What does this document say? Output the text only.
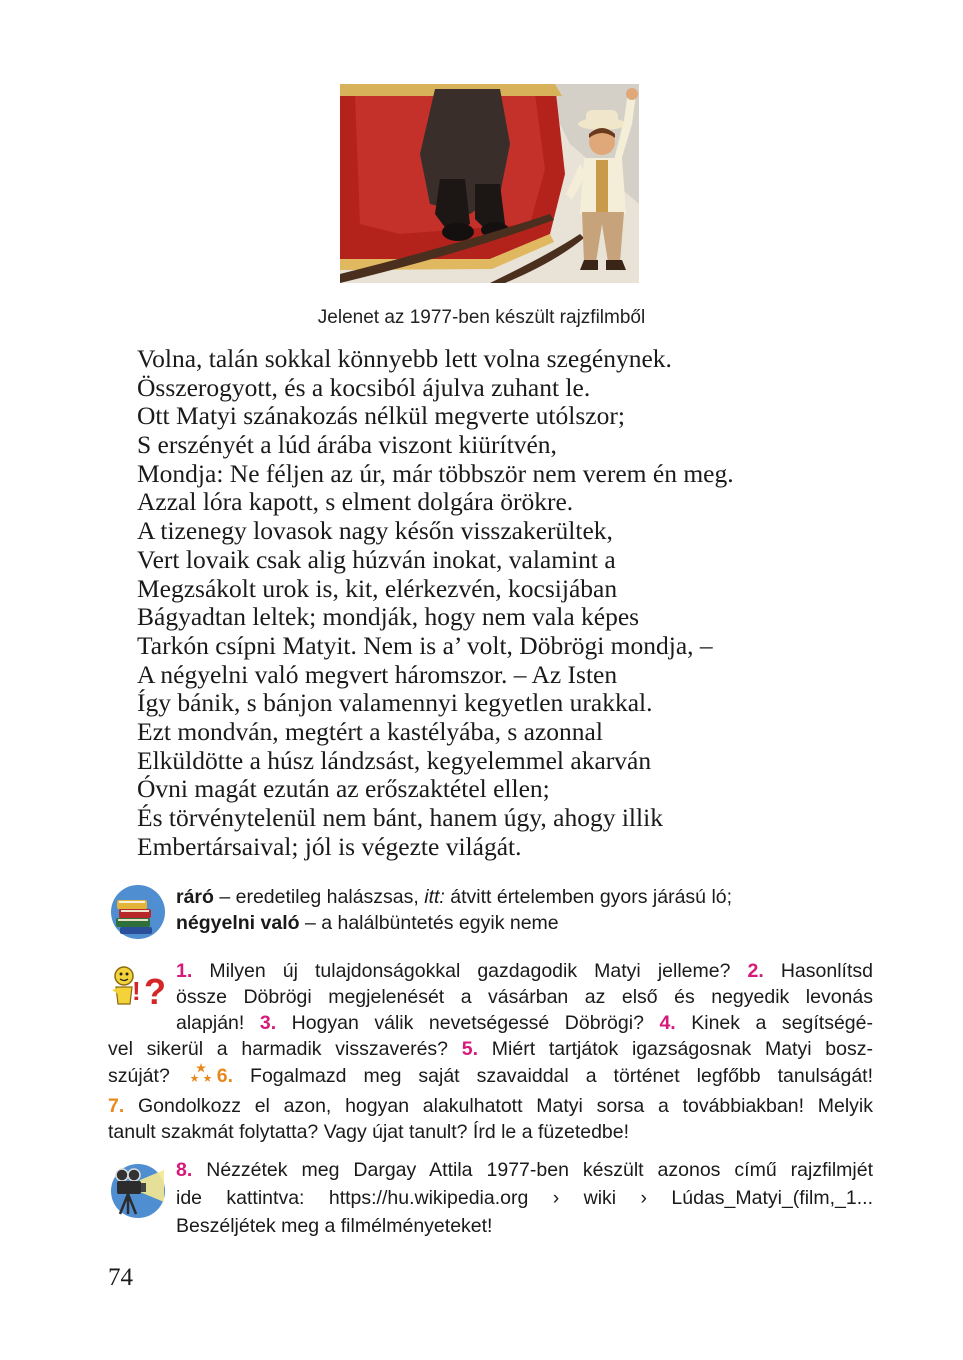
Jelenet az 1977-ben készült rajzfilmből
Volna, talán sokkal könnyebb lett volna szegénynek.
Összerogyott, és a kocsiból ájulva zuhant le.
Ott Matyi szánakozás nélkül megverte utólszor;
S erszényét a lúd árába viszont kiürítvén,
Mondja: Ne féljen az úr, már többször nem verem én meg.
Azzal lóra kapott, s elment dolgára örökre.
A tizenegy lovasok nagy későn visszakerültek,
Vert lovaik csak alig húzván inokat, valamint a
Megzsákolt urok is, kit, elérkezvén, kocsijában
Bágyadtan leltek; mondják, hogy nem vala képes
Tarkón csípni Matyit. Nem is a’ volt, Döbrögi mondja, –
A négyelni való megvert háromszor. – Az Isten
Így bánik, s bánjon valamennyi kegyetlen urakkal.
Ezt mondván, megtért a kastélyába, s azonnal
Elküldötte a húsz lándzsást, kegyelemmel akarván
Óvni magát ezután az erőszaktétel ellen;
És törvénytelenül nem bánt, hanem úgy, ahogy illik
Embertársaival; jól is végezte világát.
ráró – eredetileg halászsas, itt: átvitt értelemben gyors járású ló;
négyelni való – a halálbüntetés egyik neme
! ? 1. Milyen új tulajdonságokkal gazdagodik Matyi jelleme? 2. Hasonlítsd
össze Döbrögi megjelenését a vásárban az első és negyedik levonás
alapján! 3. Hogyan válik nevetségessé Döbrögi? 4. Kinek a segítségé-
vel sikerül a harmadik visszaverés? 5. Miért tartjátok igazságosnak Matyi bosz-
szúját? 6. Fogalmazd meg saját szavaiddal a történet legfőbb tanulságát!
7. Gondolkozz el azon, hogyan alakulhatott Matyi sorsa a továbbiakban! Melyik
tanult szakmát folytatta? Vagy újat tanult? Írd le a füzetedbe!
8. Nézzétek meg Dargay Attila 1977-ben készült azonos című rajzfilmjét
ide kattintva: https://hu.wikipedia.org › wiki › Lúdas_Matyi_(film,_1...
Beszéljétek meg a filmélményeteket!
74
